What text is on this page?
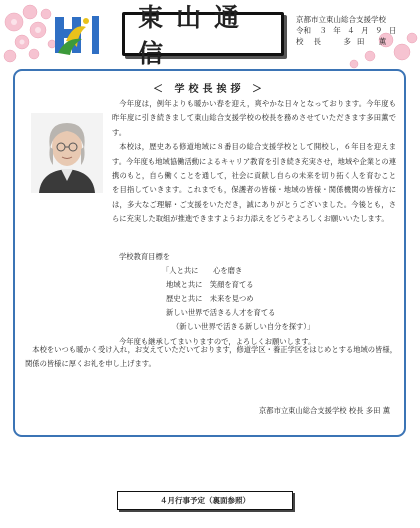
東山通信
京都市立東山総合支援学校
令和 ３ 年 ４ 月 ９ 日
校長 多田 薫
＜ 学校長挨拶 ＞

今年度は，例年よりも暖かい春を迎え，爽やかな日々となっております。今年度も昨年度に引き続きまして東山総合支援学校の校長を務めさせていただきます多田薫です。

本校は，歴史ある修道地域に８番目の総合支援学校として開校し，６年目を迎えます。今年度も地域協働活動によるキャリア教育を引き続き充実させ，地域や企業との連携のもと，自ら働くことを通して，社会に貢献し自らの未来を切り拓く人を育むことを目指していきます。これまでも，保護者の皆様・地域の皆様・関係機関の皆様方には，多大なご理解・ご支援をいただき，誠にありがとうございました。今後とも，さらに充実した取組が推進できますようお力添えをどうぞよろしくお願いいたします。

学校教育目標を
「人と共に　　心を磨き
地域と共に　笑顔を育てる
歴史と共に　未来を見つめ
新しい世界で活きる人才を育てる
（新しい世界で活きる新しい自分を探す）」
今年度も継承してまいりますので，よろしくお願いします。

本校をいつも暖かく受け入れ，お支えていただいております，修道学区・養正学区をはじめとする地域の皆様，関係の皆様に厚くお礼を申し上げます。

京都市立東山総合支援学校 校長 多田 薫
４月行事予定（裏面参照）
